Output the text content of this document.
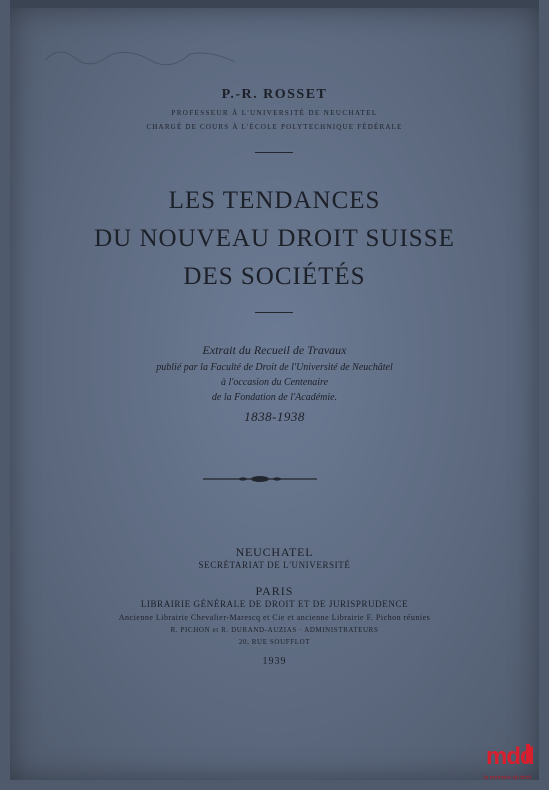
P.-R. ROSSET
PROFESSEUR À L'UNIVERSITÉ DE NEUCHATEL
CHARGÉ DE COURS À L'ÉCOLE POLYTECHNIQUE FÉDÉRALE
LES TENDANCES
DU NOUVEAU DROIT SUISSE
DES SOCIÉTÉS
Extrait du Recueil de Travaux
publié par la Faculté de Droit de l'Université de Neuchâtel
à l'occasion du Centenaire
de la Fondation de l'Académie.
1838-1938
NEUCHATEL
SECRÉTARIAT DE L'UNIVERSITÉ
PARIS
LIBRAIRIE GÉNÉRALE DE DROIT ET DE JURISPRUDENCE
Ancienne Librairie Chevalier-Marescq et Cie et ancienne Librairie F. Pichon réunies
R. PICHON et R. DURAND-AUZIAS · ADMINISTRATEURS
20, RUE SOUFFLOT
1939
mdd
la mémoire du droit
